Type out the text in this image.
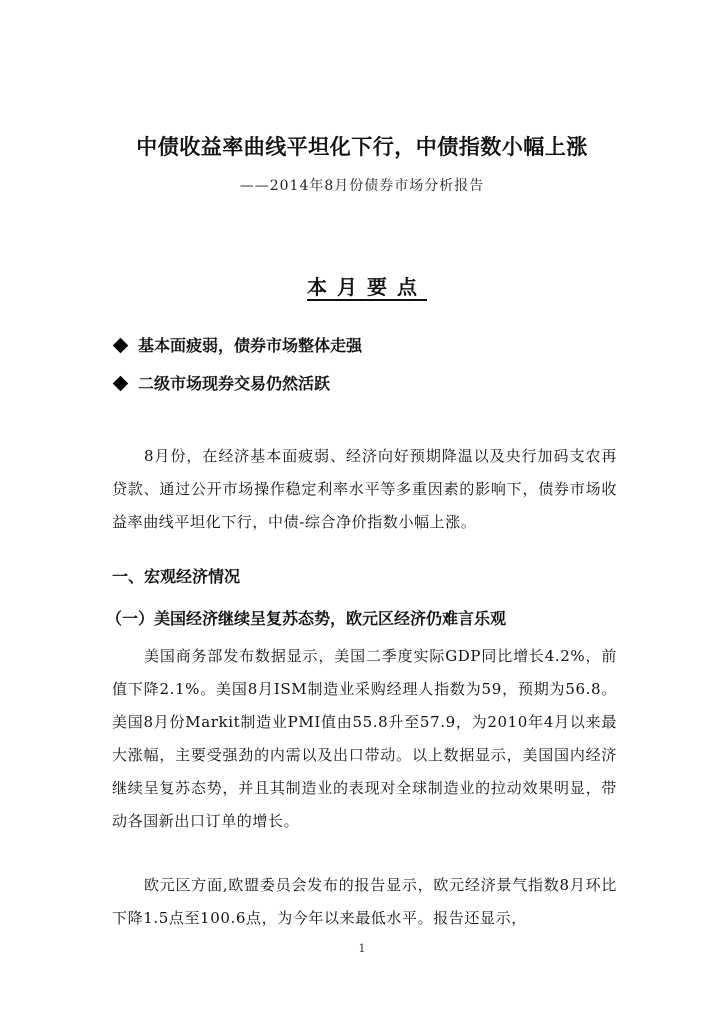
中债收益率曲线平坦化下行，中债指数小幅上涨
——2014年8月份债券市场分析报告
本月要点
基本面疲弱，债券市场整体走强
二级市场现券交易仍然活跃

8月份，在经济基本面疲弱、经济向好预期降温以及央行加码支农再贷款、通过公开市场操作稳定利率水平等多重因素的影响下，债券市场收益率曲线平坦化下行，中债-综合净价指数小幅上涨。

一、宏观经济情况
（一）美国经济继续呈复苏态势，欧元区经济仍难言乐观

美国商务部发布数据显示，美国二季度实际GDP同比增长4.2%，前值下降2.1%。美国8月ISM制造业采购经理人指数为59，预期为56.8。美国8月份Markit制造业PMI值由55.8升至57.9，为2010年4月以来最大涨幅，主要受强劲的内需以及出口带动。以上数据显示，美国国内经济继续呈复苏态势，并且其制造业的表现对全球制造业的拉动效果明显，带动各国新出口订单的增长。

欧元区方面,欧盟委员会发布的报告显示，欧元经济景气指数8月环比下降1.5点至100.6点，为今年以来最低水平。报告还显示，

1
